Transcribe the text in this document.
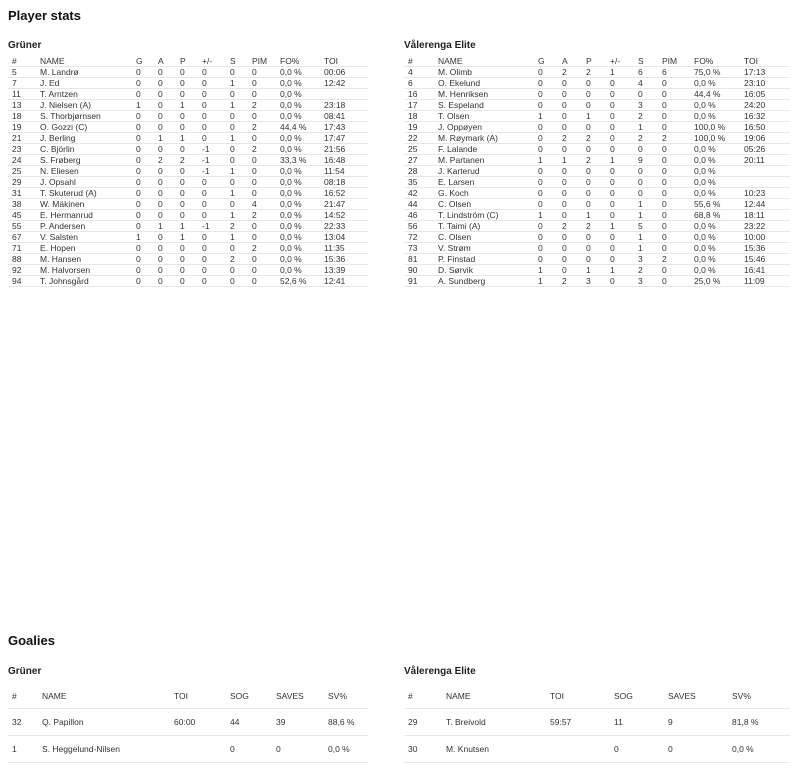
Player stats
Grüner	Vålerenga Elite
#	NAME	G	A	P	+/-	S	PIM	FO%	TOI
5	M. Landrø	0	0	0	0	0	0	0,0 %	00:06
7	J. Ed	0	0	0	0	1	0	0,0 %	12:42
11	T. Arntzen	0	0	0	0	0	0	0,0 %	
13	J. Nielsen (A)	1	0	1	0	1	2	0,0 %	23:18
18	S. Thorbjørnsen	0	0	0	0	0	0	0,0 %	08:41
19	O. Gozzi (C)	0	0	0	0	0	2	44,4 %	17:43
21	J. Berling	0	1	1	0	1	0	0,0 %	17:47
23	C. Björlin	0	0	0	-1	0	2	0,0 %	21:56
24	S. Frøberg	0	2	2	-1	0	0	33,3 %	16:48
25	N. Eliesen	0	0	0	-1	1	0	0,0 %	11:54
29	J. Opsahl	0	0	0	0	0	0	0,0 %	08:18
31	T. Skuterud (A)	0	0	0	0	1	0	0,0 %	16:52
38	W. Mäkinen	0	0	0	0	0	4	0,0 %	21:47
45	E. Hermanrud	0	0	0	0	1	2	0,0 %	14:52
55	P. Andersen	0	1	1	-1	2	0	0,0 %	22:33
67	V. Salsten	1	0	1	0	1	0	0,0 %	13:04
71	E. Hopen	0	0	0	0	0	2	0,0 %	11:35
88	M. Hansen	0	0	0	0	2	0	0,0 %	15:36
92	M. Halvorsen	0	0	0	0	0	0	0,0 %	13:39
94	T. Johnsgård	0	0	0	0	0	0	52,6 %	12:41
#	NAME	G	A	P	+/-	S	PIM	FO%	TOI
4	M. Olimb	0	2	2	1	6	6	75,0 %	17:13
6	O. Ekelund	0	0	0	0	4	0	0,0 %	23:10
16	M. Henriksen	0	0	0	0	0	0	44,4 %	16:05
17	S. Espeland	0	0	0	0	3	0	0,0 %	24:20
18	T. Olsen	1	0	1	0	2	0	0,0 %	16:32
19	J. Oppøyen	0	0	0	0	1	0	100,0 %	16:50
22	M. Røymark (A)	0	2	2	0	2	2	100,0 %	19:06
25	F. Lalande	0	0	0	0	0	0	0,0 %	05:26
27	M. Partanen	1	1	2	1	9	0	0,0 %	20:11
28	J. Karterud	0	0	0	0	0	0	0,0 %	
35	E. Larsen	0	0	0	0	0	0	0,0 %	
42	G. Koch	0	0	0	0	0	0	0,0 %	10:23
44	C. Olsen	0	0	0	0	1	0	55,6 %	12:44
46	T. Lindström (C)	1	0	1	0	1	0	68,8 %	18:11
56	T. Taimi (A)	0	2	2	1	5	0	0,0 %	23:22
72	C. Olsen	0	0	0	0	1	0	0,0 %	10:00
73	V. Strøm	0	0	0	0	1	0	0,0 %	15:36
81	P. Finstad	0	0	0	0	3	2	0,0 %	15:46
90	D. Sørvik	1	0	1	1	2	0	0,0 %	16:41
91	A. Sundberg	1	2	3	0	3	0	25,0 %	11:09
Goalies
Grüner	Vålerenga Elite
#	NAME	TOI	SOG	SAVES	SV%
32	Q. Papillon	60:00	44	39	88,6 %
1	S. Heggelund-Nilsen		0	0	0,0 %
#	NAME	TOI	SOG	SAVES	SV%
29	T. Breivold	59:57	11	9	81,8 %
30	M. Knutsen		0	0	0,0 %
